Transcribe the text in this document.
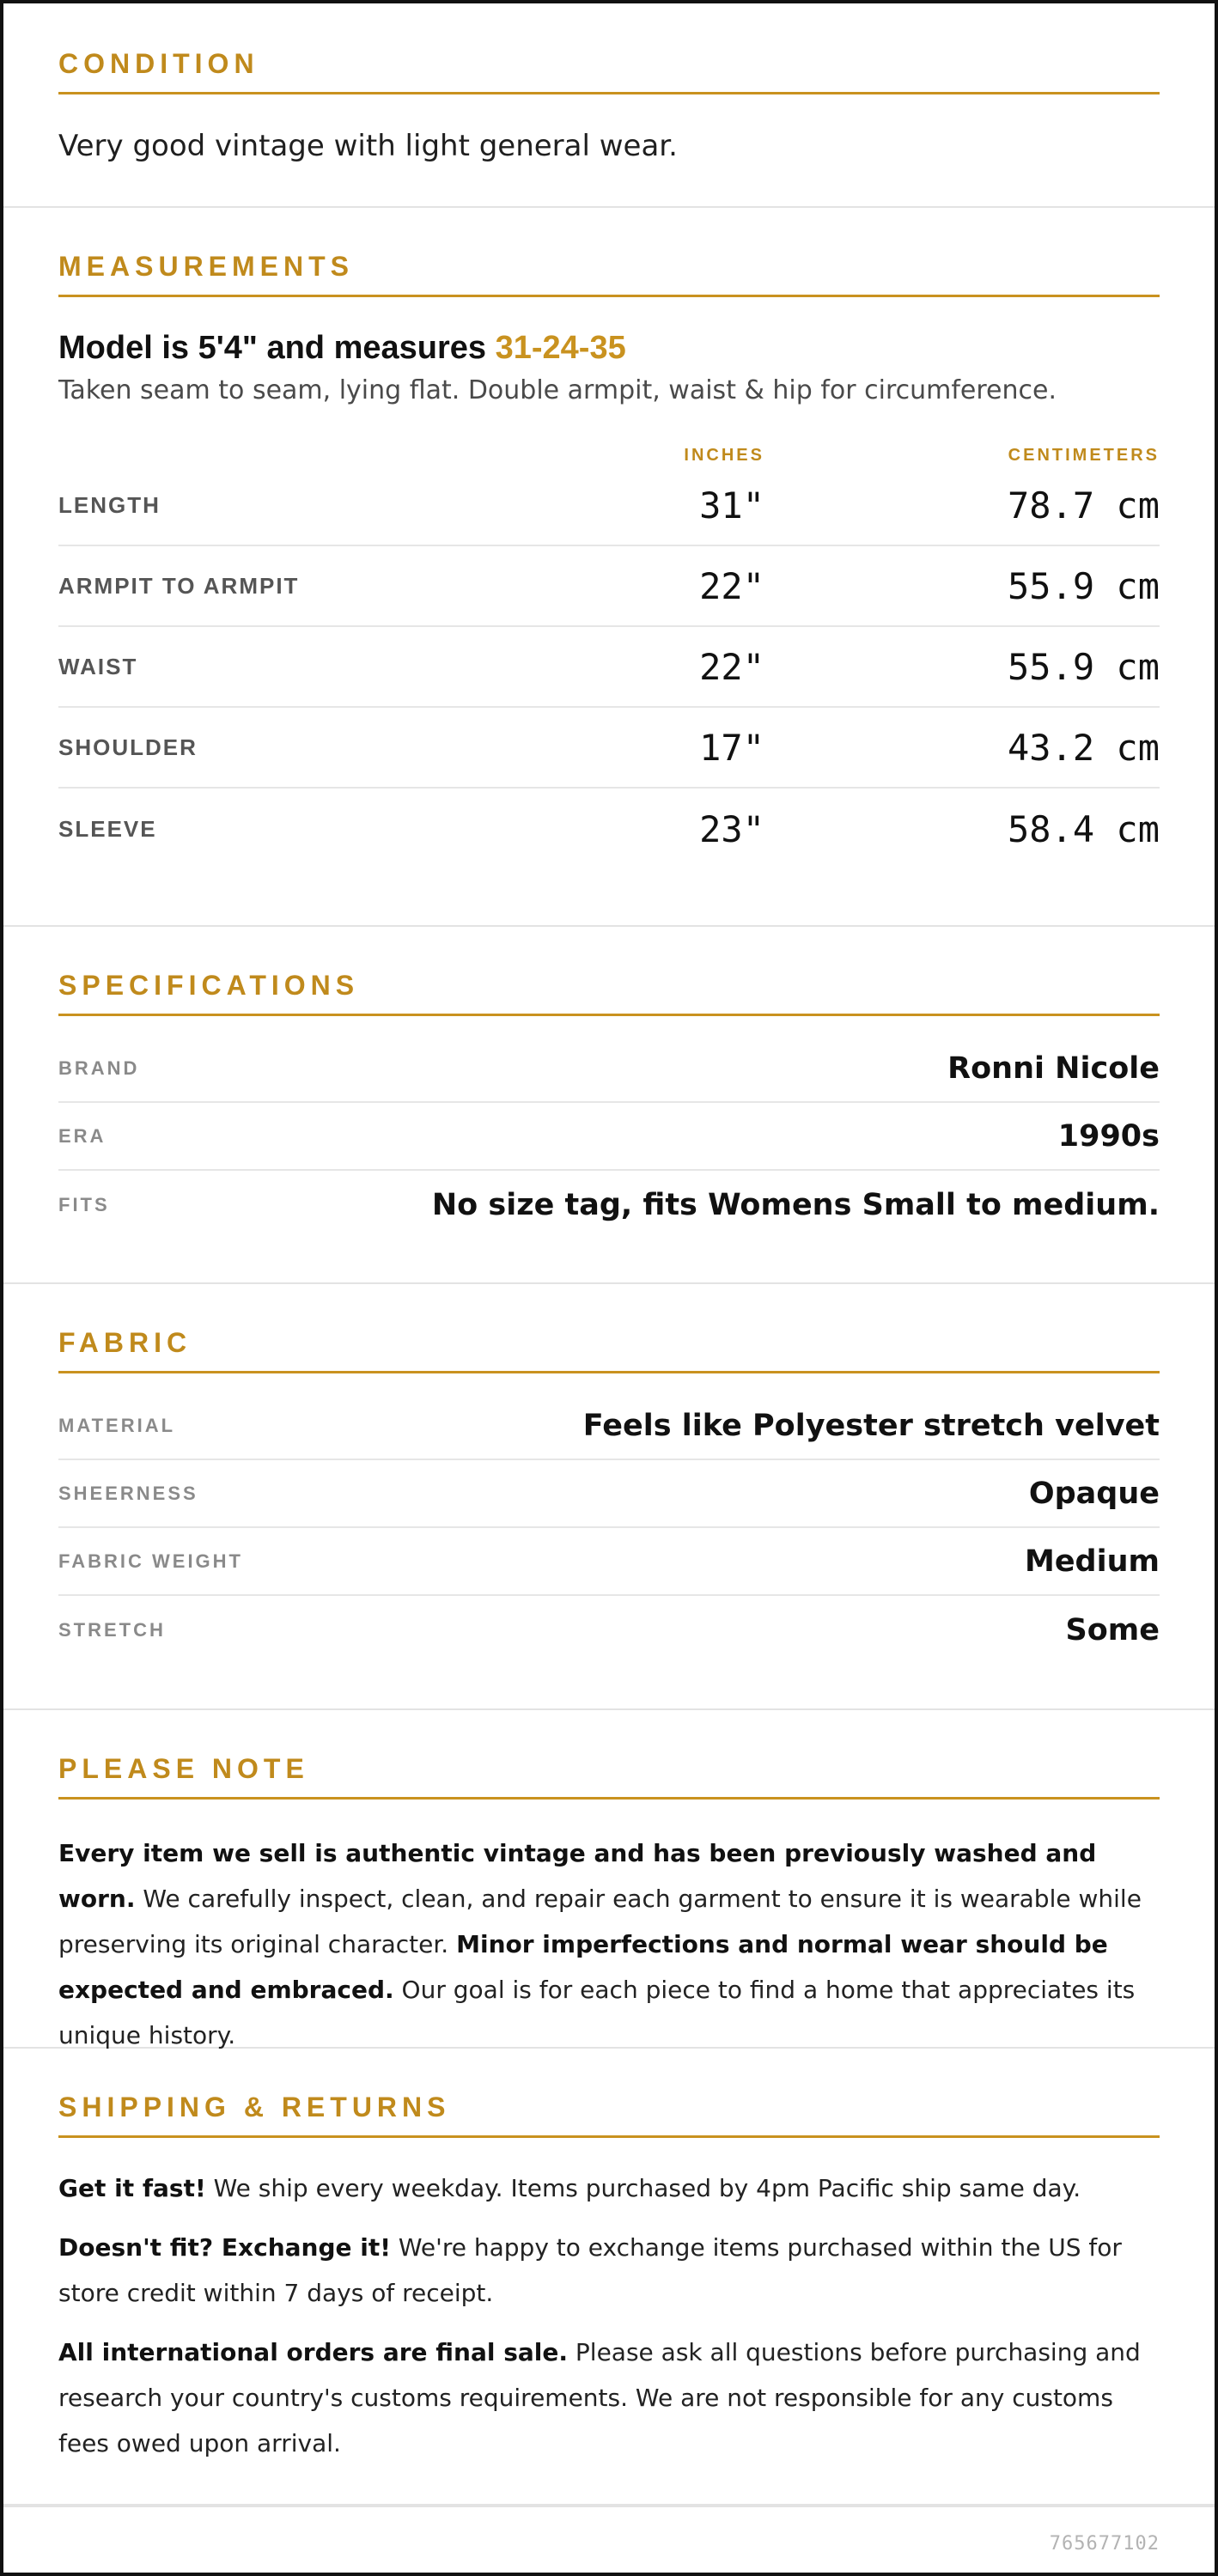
CONDITION
Very good vintage with light general wear.
MEASUREMENTS
Model is 5'4" and measures 31-24-35
Taken seam to seam, lying flat. Double armpit, waist & hip for circumference.
INCHES	CENTIMETERS
LENGTH	31"	78.7 cm
ARMPIT TO ARMPIT	22"	55.9 cm
WAIST	22"	55.9 cm
SHOULDER	17"	43.2 cm
SLEEVE	23"	58.4 cm
SPECIFICATIONS
BRAND	Ronni Nicole
ERA	1990s
FITS	No size tag, fits Womens Small to medium.
FABRIC
MATERIAL	Feels like Polyester stretch velvet
SHEERNESS	Opaque
FABRIC WEIGHT	Medium
STRETCH	Some
PLEASE NOTE

Every item we sell is authentic vintage and has been previously washed and worn. We carefully inspect, clean, and repair each garment to ensure it is wearable while preserving its original character. Minor imperfections and normal wear should be expected and embraced. Our goal is for each piece to find a home that appreciates its unique history.

SHIPPING & RETURNS

Get it fast! We ship every weekday. Items purchased by 4pm Pacific ship same day.

Doesn't fit? Exchange it! We're happy to exchange items purchased within the US for store credit within 7 days of receipt.

All international orders are final sale. Please ask all questions before purchasing and research your country's customs requirements. We are not responsible for any customs fees owed upon arrival.

765677102
